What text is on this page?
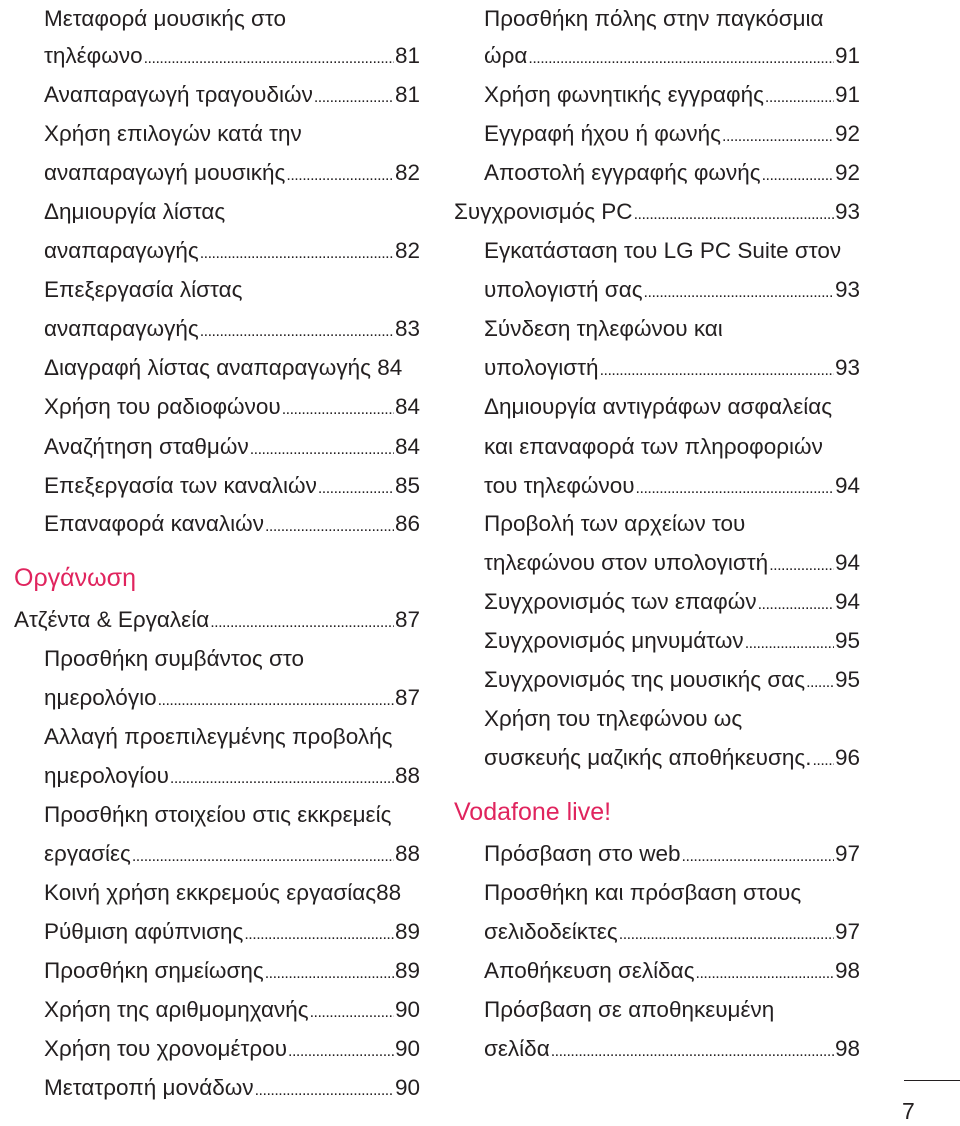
Μεταφορά μουσικής στο
τηλέφωνο .....	81
Αναπαραγωγή τραγουδιών .....	81
Χρήση επιλογών κατά την
αναπαραγωγή μουσικής .....	82
Δημιουργία λίστας
αναπαραγωγής .....	82
Επεξεργασία λίστας
αναπαραγωγής .....	83
Διαγραφή λίστας αναπαραγωγής 84
Χρήση του ραδιοφώνου .....	84
Αναζήτηση σταθμών .....	84
Επεξεργασία των καναλιών .....	85
Επαναφορά καναλιών .....	86
Οργάνωση
Ατζέντα & Εργαλεία .....	87
Προσθήκη συμβάντος στο
ημερολόγιο .....	87
Αλλαγή προεπιλεγμένης προβολής
ημερολογίου .....	88
Προσθήκη στοιχείου στις εκκρεμείς
εργασίες .....	88
Κοινή χρήση εκκρεμούς εργασίας88
Ρύθμιση αφύπνισης .....	89
Προσθήκη σημείωσης .....	89
Χρήση της αριθμομηχανής .....	90
Χρήση του χρονομέτρου .....	90
Μετατροπή μονάδων .....	90
Προσθήκη πόλης στην παγκόσμια
ώρα .....	91
Χρήση φωνητικής εγγραφής .....	91
Εγγραφή ήχου ή φωνής .....	92
Αποστολή εγγραφής φωνής .....	92
Συγχρονισμός PC .....	93
Εγκατάσταση του LG PC Suite στον
υπολογιστή σας .....	93
Σύνδεση τηλεφώνου και
υπολογιστή .....	93
Δημιουργία αντιγράφων ασφαλείας
και επαναφορά των πληροφοριών
του τηλεφώνου .....	94
Προβολή των αρχείων του
τηλεφώνου στον υπολογιστή .....	94
Συγχρονισμός των επαφών .....	94
Συγχρονισμός μηνυμάτων .....	95
Συγχρονισμός της μουσικής σας ..... 95
Χρήση του τηλεφώνου ως
συσκευής μαζικής αποθήκευσης. ..... 96
Vodafone live!
Πρόσβαση στο web .....	97
Προσθήκη και πρόσβαση στους
σελιδοδείκτες .....	97
Αποθήκευση σελίδας .....	98
Πρόσβαση σε αποθηκευμένη
σελίδα .....	98
7
